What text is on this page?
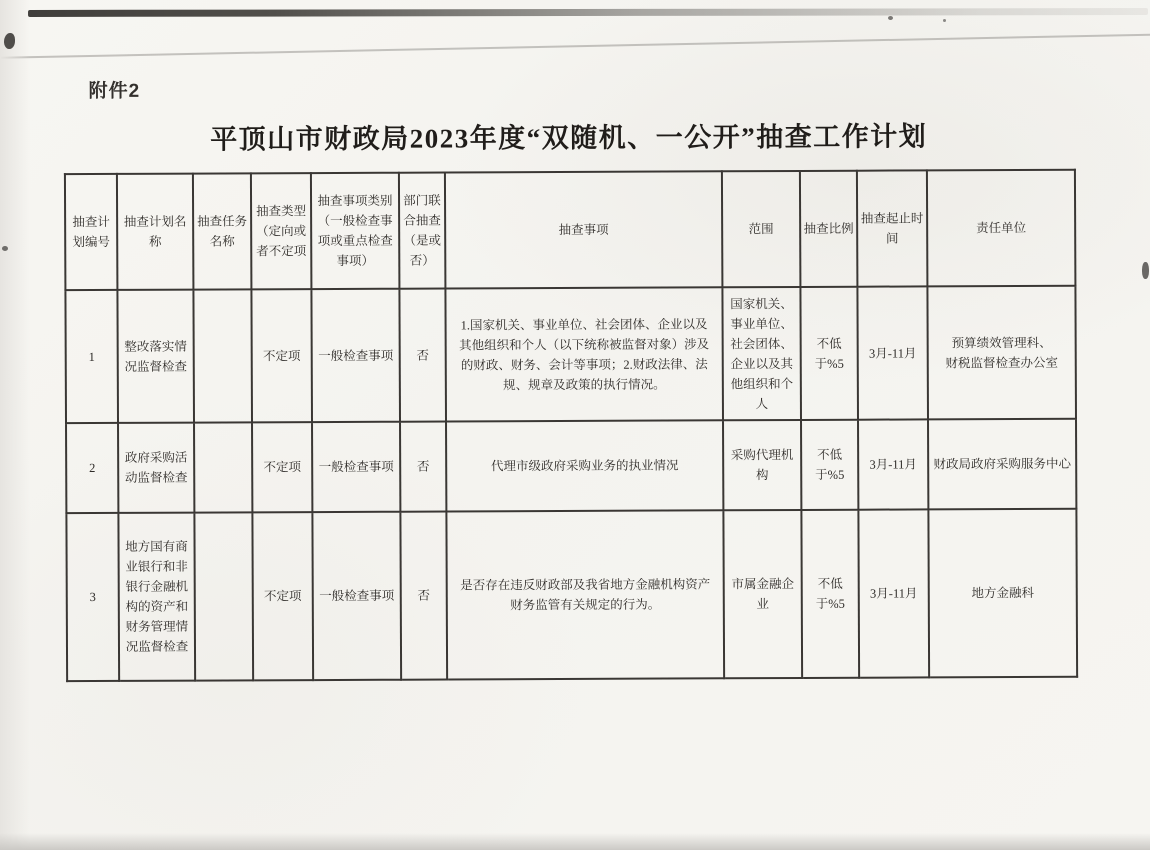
附件2
平顶山市财政局2023年度“双随机、一公开”抽查工作计划
抽查计划编号	抽查计划名称	抽查任务名称	抽查类型（定向或者不定项	抽查事项类别（一般检查事项或重点检查事项）	部门联合抽查（是或否）	抽查事项	范围	抽查比例	抽查起止时间	责任单位
1	整改落实情况监督检查		不定项	一般检查事项	否	1.国家机关、事业单位、社会团体、企业以及
其他组织和个人（以下统称被监督对象）涉及
的财政、财务、会计等事项；2.财政法律、法
规、规章及政策的执行情况。	国家机关、事业单位、社会团体、企业以及其他组织和个人	不低于%5	3月-11月	预算绩效管理科、
财税监督检查办公室
2	政府采购活动监督检查		不定项	一般检查事项	否	代理市级政府采购业务的执业情况	采购代理机构	不低于%5	3月-11月	财政局政府采购服务中心
3	地方国有商业银行和非银行金融机构的资产和财务管理情况监督检查		不定项	一般检查事项	否	是否存在违反财政部及我省地方金融机构资产
财务监管有关规定的行为。	市属金融企业	不低于%5	3月-11月	地方金融科
